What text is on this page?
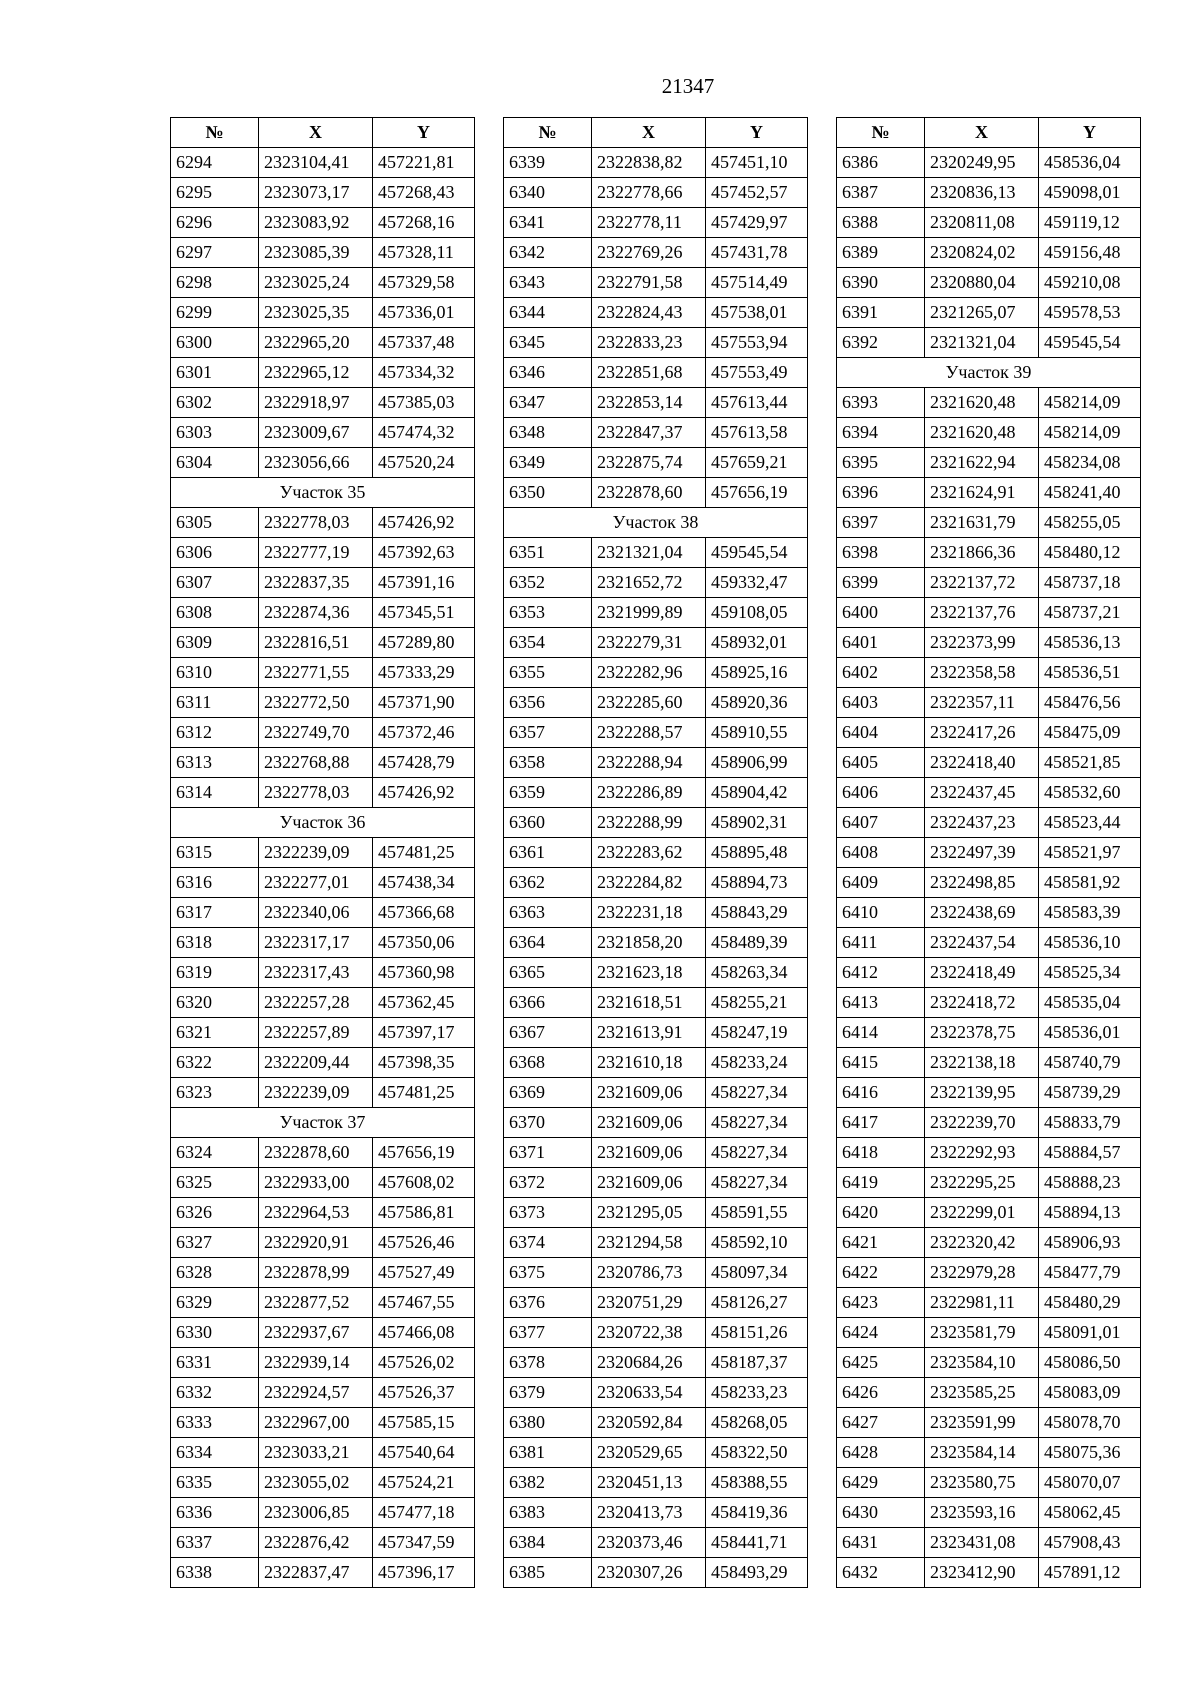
21347
№	X	Y
6294	2323104,41	457221,81
6295	2323073,17	457268,43
6296	2323083,92	457268,16
6297	2323085,39	457328,11
6298	2323025,24	457329,58
6299	2323025,35	457336,01
6300	2322965,20	457337,48
6301	2322965,12	457334,32
6302	2322918,97	457385,03
6303	2323009,67	457474,32
6304	2323056,66	457520,24
Участок 35		
6305	2322778,03	457426,92
6306	2322777,19	457392,63
6307	2322837,35	457391,16
6308	2322874,36	457345,51
6309	2322816,51	457289,80
6310	2322771,55	457333,29
6311	2322772,50	457371,90
6312	2322749,70	457372,46
6313	2322768,88	457428,79
6314	2322778,03	457426,92
Участок 36		
6315	2322239,09	457481,25
6316	2322277,01	457438,34
6317	2322340,06	457366,68
6318	2322317,17	457350,06
6319	2322317,43	457360,98
6320	2322257,28	457362,45
6321	2322257,89	457397,17
6322	2322209,44	457398,35
6323	2322239,09	457481,25
Участок 37		
6324	2322878,60	457656,19
6325	2322933,00	457608,02
6326	2322964,53	457586,81
6327	2322920,91	457526,46
6328	2322878,99	457527,49
6329	2322877,52	457467,55
6330	2322937,67	457466,08
6331	2322939,14	457526,02
6332	2322924,57	457526,37
6333	2322967,00	457585,15
6334	2323033,21	457540,64
6335	2323055,02	457524,21
6336	2323006,85	457477,18
6337	2322876,42	457347,59
6338	2322837,47	457396,17
№	X	Y
6339	2322838,82	457451,10
6340	2322778,66	457452,57
6341	2322778,11	457429,97
6342	2322769,26	457431,78
6343	2322791,58	457514,49
6344	2322824,43	457538,01
6345	2322833,23	457553,94
6346	2322851,68	457553,49
6347	2322853,14	457613,44
6348	2322847,37	457613,58
6349	2322875,74	457659,21
6350	2322878,60	457656,19
Участок 38		
6351	2321321,04	459545,54
6352	2321652,72	459332,47
6353	2321999,89	459108,05
6354	2322279,31	458932,01
6355	2322282,96	458925,16
6356	2322285,60	458920,36
6357	2322288,57	458910,55
6358	2322288,94	458906,99
6359	2322286,89	458904,42
6360	2322288,99	458902,31
6361	2322283,62	458895,48
6362	2322284,82	458894,73
6363	2322231,18	458843,29
6364	2321858,20	458489,39
6365	2321623,18	458263,34
6366	2321618,51	458255,21
6367	2321613,91	458247,19
6368	2321610,18	458233,24
6369	2321609,06	458227,34
6370	2321609,06	458227,34
6371	2321609,06	458227,34
6372	2321609,06	458227,34
6373	2321295,05	458591,55
6374	2321294,58	458592,10
6375	2320786,73	458097,34
6376	2320751,29	458126,27
6377	2320722,38	458151,26
6378	2320684,26	458187,37
6379	2320633,54	458233,23
6380	2320592,84	458268,05
6381	2320529,65	458322,50
6382	2320451,13	458388,55
6383	2320413,73	458419,36
6384	2320373,46	458441,71
6385	2320307,26	458493,29
№	X	Y
6386	2320249,95	458536,04
6387	2320836,13	459098,01
6388	2320811,08	459119,12
6389	2320824,02	459156,48
6390	2320880,04	459210,08
6391	2321265,07	459578,53
6392	2321321,04	459545,54
Участок 39		
6393	2321620,48	458214,09
6394	2321620,48	458214,09
6395	2321622,94	458234,08
6396	2321624,91	458241,40
6397	2321631,79	458255,05
6398	2321866,36	458480,12
6399	2322137,72	458737,18
6400	2322137,76	458737,21
6401	2322373,99	458536,13
6402	2322358,58	458536,51
6403	2322357,11	458476,56
6404	2322417,26	458475,09
6405	2322418,40	458521,85
6406	2322437,45	458532,60
6407	2322437,23	458523,44
6408	2322497,39	458521,97
6409	2322498,85	458581,92
6410	2322438,69	458583,39
6411	2322437,54	458536,10
6412	2322418,49	458525,34
6413	2322418,72	458535,04
6414	2322378,75	458536,01
6415	2322138,18	458740,79
6416	2322139,95	458739,29
6417	2322239,70	458833,79
6418	2322292,93	458884,57
6419	2322295,25	458888,23
6420	2322299,01	458894,13
6421	2322320,42	458906,93
6422	2322979,28	458477,79
6423	2322981,11	458480,29
6424	2323581,79	458091,01
6425	2323584,10	458086,50
6426	2323585,25	458083,09
6427	2323591,99	458078,70
6428	2323584,14	458075,36
6429	2323580,75	458070,07
6430	2323593,16	458062,45
6431	2323431,08	457908,43
6432	2323412,90	457891,12
